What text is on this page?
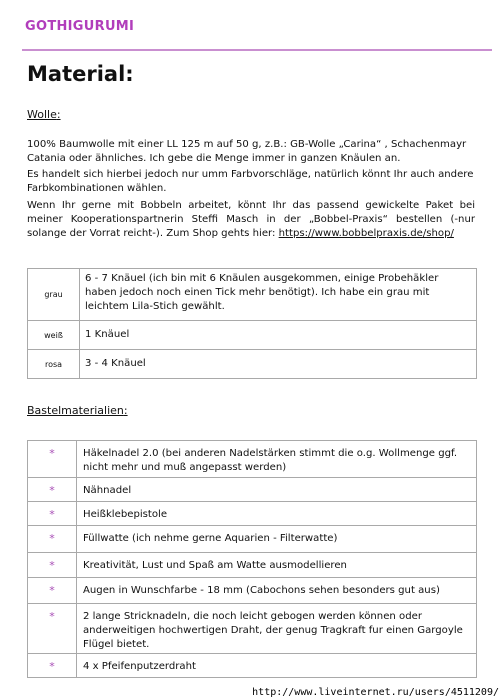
GOTHIGURUMI
Material:
Wolle:
100% Baumwolle mit einer LL 125 m auf 50 g, z.B.: GB-Wolle „Carina“ , Schachenmayr Catania oder ähnliches. Ich gebe die Menge immer in ganzen Knäulen an.
Es handelt sich hierbei jedoch nur umm Farbvorschläge, natürlich könnt Ihr auch andere Farbkombinationen wählen.
Wenn Ihr gerne mit Bobbeln arbeitet, könnt Ihr das passend gewickelte Paket bei meiner Kooperationspartnerin Steffi Masch in der „Bobbel-Praxis“ bestellen (-nur solange der Vorrat reicht-). Zum Shop gehts hier: https://www.bobbelpraxis.de/shop/
grau	6 - 7 Knäuel (ich bin mit 6 Knäulen ausgekommen, einige Probehäkler haben jedoch noch einen Tick mehr benötigt). Ich habe ein grau mit leichtem Lila-Stich gewählt.
weiß	1 Knäuel
rosa	3 - 4 Knäuel
Bastelmaterialien:
*	Häkelnadel 2.0 (bei anderen Nadelstärken stimmt die o.g. Wollmenge ggf. nicht mehr und muß angepasst werden)
*	Nähnadel
*	Heißklebepistole
*	Füllwatte (ich nehme gerne Aquarien - Filterwatte)
*	Kreativität, Lust und Spaß am Watte ausmodellieren
*	Augen in Wunschfarbe - 18 mm (Cabochons sehen besonders gut aus)
*	2 lange Stricknadeln, die noch leicht gebogen werden können oder anderweitigen hochwertigen Draht, der genug Tragkraft fur einen Gargoyle Flügel bietet.
*	4 x Pfeifenputzerdraht
http://www.liveinternet.ru/users/4511209/
